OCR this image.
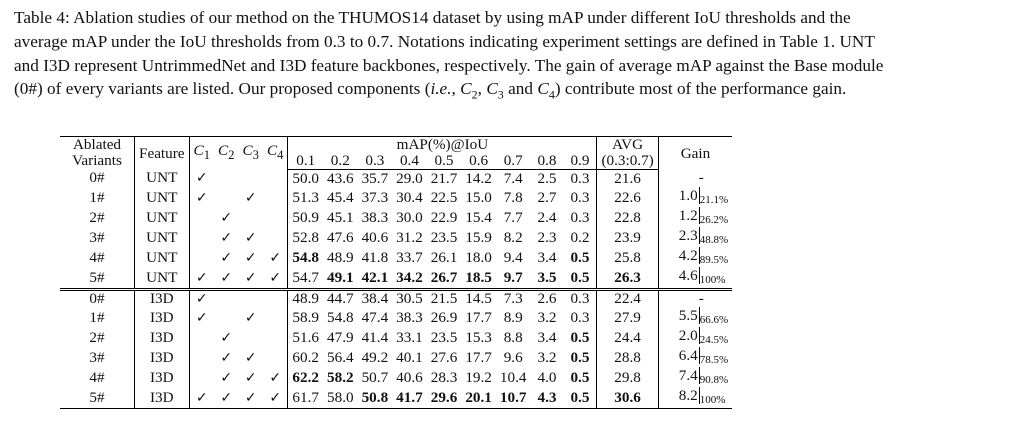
Table 4: Ablation studies of our method on the THUMOS14 dataset by using mAP under different IoU thresholds and the
average mAP under the IoU thresholds from 0.3 to 0.7. Notations indicating experiment settings are defined in Table 1. UNT
and I3D represent UntrimmedNet and I3D feature backbones, respectively. The gain of average mAP against the Base module
(0#) of every variants are listed. Our proposed components (i.e., $C_2$, $C_3$ and $C_4$) contribute most of the performance gain.
Ablated Variants	Feature	$C_1$	$C_2$	$C_3$	$C_4$	mAP(%)@IoU									AVG	Gain
						0.1	0.2	0.3	0.4	0.5	0.6	0.7	0.8	0.9	(0.3:0.7)	
0#	UNT	✓				50.0	43.6	35.7	29.0	21.7	14.2	7.4	2.5	0.3	21.6	-
1#	UNT	✓		✓		51.3	45.4	37.3	30.4	22.5	15.0	7.8	2.7	0.3	22.6	1.0 $_{21.1\%}$
2#	UNT		✓			50.9	45.1	38.3	30.0	22.9	15.4	7.7	2.4	0.3	22.8	1.2 $_{26.2\%}$
3#	UNT		✓	✓		52.8	47.6	40.6	31.2	23.5	15.9	8.2	2.3	0.2	23.9	2.3 $_{48.8\%}$
4#	UNT		✓	✓	✓	54.8	48.9	41.8	33.7	26.1	18.0	9.4	3.4	0.5	25.8	4.2 $_{89.5\%}$
5#	UNT	✓	✓	✓	✓	54.7	49.1	42.1	34.2	26.7	18.5	9.7	3.5	0.5	26.3	4.6 $_{100\%}$
0#	I3D	✓				48.9	44.7	38.4	30.5	21.5	14.5	7.3	2.6	0.3	22.4	-
1#	I3D	✓		✓		58.9	54.8	47.4	38.3	26.9	17.7	8.9	3.2	0.3	27.9	5.5 $_{66.6\%}$
2#	I3D		✓			51.6	47.9	41.4	33.1	23.5	15.3	8.8	3.4	0.5	24.4	2.0 $_{24.5\%}$
3#	I3D		✓	✓		60.2	56.4	49.2	40.1	27.6	17.7	9.6	3.2	0.5	28.8	6.4 $_{78.5\%}$
4#	I3D		✓	✓	✓	62.2	58.2	50.7	40.6	28.3	19.2	10.4	4.0	0.5	29.8	7.4 $_{90.8\%}$
5#	I3D	✓	✓	✓	✓	61.7	58.0	50.8	41.7	29.6	20.1	10.7	4.3	0.5	30.6	8.2 $_{100\%}$
